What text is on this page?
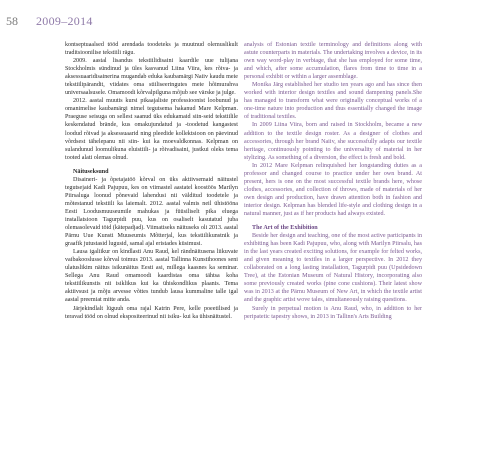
58 2009–2014

kontseptuaalsed tööd arendada toodeteks ja muutnud olemuslikult traditsioonilise tekstiili rägu.

2009. aastal lisandus tekstiilidisaini kaardile uue tulijana Stockholmis sündinud ja üles kasvanud Liina Viira, kes rõiva- ja aksessuaaridisainerina mugandab eduka kaubamärgi Naiiv kaudu meie tekstiilipärandit, viidates oma stiiliseeringutes meie hõimurahva universaalsusele. Omamoodi kõrvalpilguna mõjub see värske ja julge.

2012. aastal muutis kursi pikaajaliste professioonist loobunud ja omanimelise kaubamärgi nimel tegutsema hakanud Mare Kelpman. Praeguse seisuga on sellest saanud üks edukamaid siin-seid tekstiilile keskendatud brände, kus omakujundatud ja -toodetud kangastest loodud rõivad ja aksessuaarid ning pleedide kollektsioon on päevinud võrdsest tähelepanu nii siin- kui ka moevaldkonnas. Kelpman on sulandunud loomulikuna eluistiili- ja rõivadisaini, justkui oleks tema tooted alati olemas olnud.

Näituseksund

Disaineri- ja õpetajatöö kõrval on üks aktiivsemaid näitustel tegutsejaid Kadi Pajupuu, kes on viimastel aastatel koostöös Marilyn Piirsaluga loonud põnevaid lahendusi nii välditud toodetele ja mõtestanud tekstiili ka laiemalt. 2012. aastal valmis neil ühistööna Eesti Loodusmuuseumile mahukas ja füüsiliselt pika eluega installatsioon Tagurpidi puu, kus on osaliselt kasutatud juba olemasolevaid töid (kätepadjad). Viimatiseks näituseks oli 2013. aastal Pärnu Uue Kunsti Muuseumis Mõtterjal, kus tekstiilikunstnik ja graafik jutustasid lugusid, samal ajal eristades küsimusi.

Lausa igaliikur on kindlasti Anu Raud, kel rändnäitusena liikuvate vaibakooslusse kõrval toimus 2013. aastal Tallinna Kunstihoones seni ulatuslikim näitus isikunäitus Eesti asi, millega kaasnes ka seminar. Sellega Anu Raud omamoodi kaardistas oma tähtsa koha tekstiilikunstis nii isiklikus kui ka ühiskondlikus plaanis. Tema aktiivsust ja mõju arvesse võttes tundub lausa kummaline talle igal aastal preemiat mitte anda.

Järjekindlalt lüguuh oma rajal Katrin Pere, kelle poeetilised ja teravad tööd on olnud ekspositeerinud nii isiku- kui ka ühisnäitustel.

analysis of Estonian textile terminology and definitions along with astute counterparts in materials. The undertaking involves a device, in its own way word-play in verbiage, that she has employed for some time, and which, after some accumulation, flares from time to time in a personal exhibit or within a larger assemblage.

Monika Järg established her studio ten years ago and has since then worked with interior design textiles and sound dampening panels.She has managed to transform what were originally conceptual works of a one-time nature into production and thus essentially changed the image of traditional textiles.

In 2009 Liina Viira, born and raised in Stockholm, became a new addition to the textile design roster. As a designer of clothes and accessories, through her brand Naiiv, she successfully adapts our textile heritage, continuously pointing to the universality of material in her stylizing. As something of a diversion, the effect is fresh and bold.

In 2012 Mare Kelpman relinquished her longstanding duties as a professor and changed course to practice under her own brand. At present, hers is one on the most successful textile brands here, whose clothes, accessories, and collection of throws, made of materials of her own design and production, have drawn attention both in fashion and interior design. Kelpman has blended life-style and clothing design in a natural manner, just as if her products had always existed.

The Art of the Exhibition

Beside her design and teaching, one of the most active participants in exhibiting has been Kadi Pajupuu, who, along with Marilyn Piirsalu, has in the last years created exciting solutions, for example for felted works, and given meaning to textiles in a larger perspective. In 2012 they collaborated on a long lasting installation, Tagurpidi puu (Upsidedown Tree), at the Estonian Museum of Natural History, incorporating also some previously created works (pine cone cushions). Their latest show was in 2013 at the Pärnu Museum of New Art, in which the textile artist and the graphic artist wove tales, simultaneously raising questions.

Surely in perpetual motion is Anu Raud, who, in addition to her peripatetic tapestry shows, in 2013 in Tallinn's Arts Building
